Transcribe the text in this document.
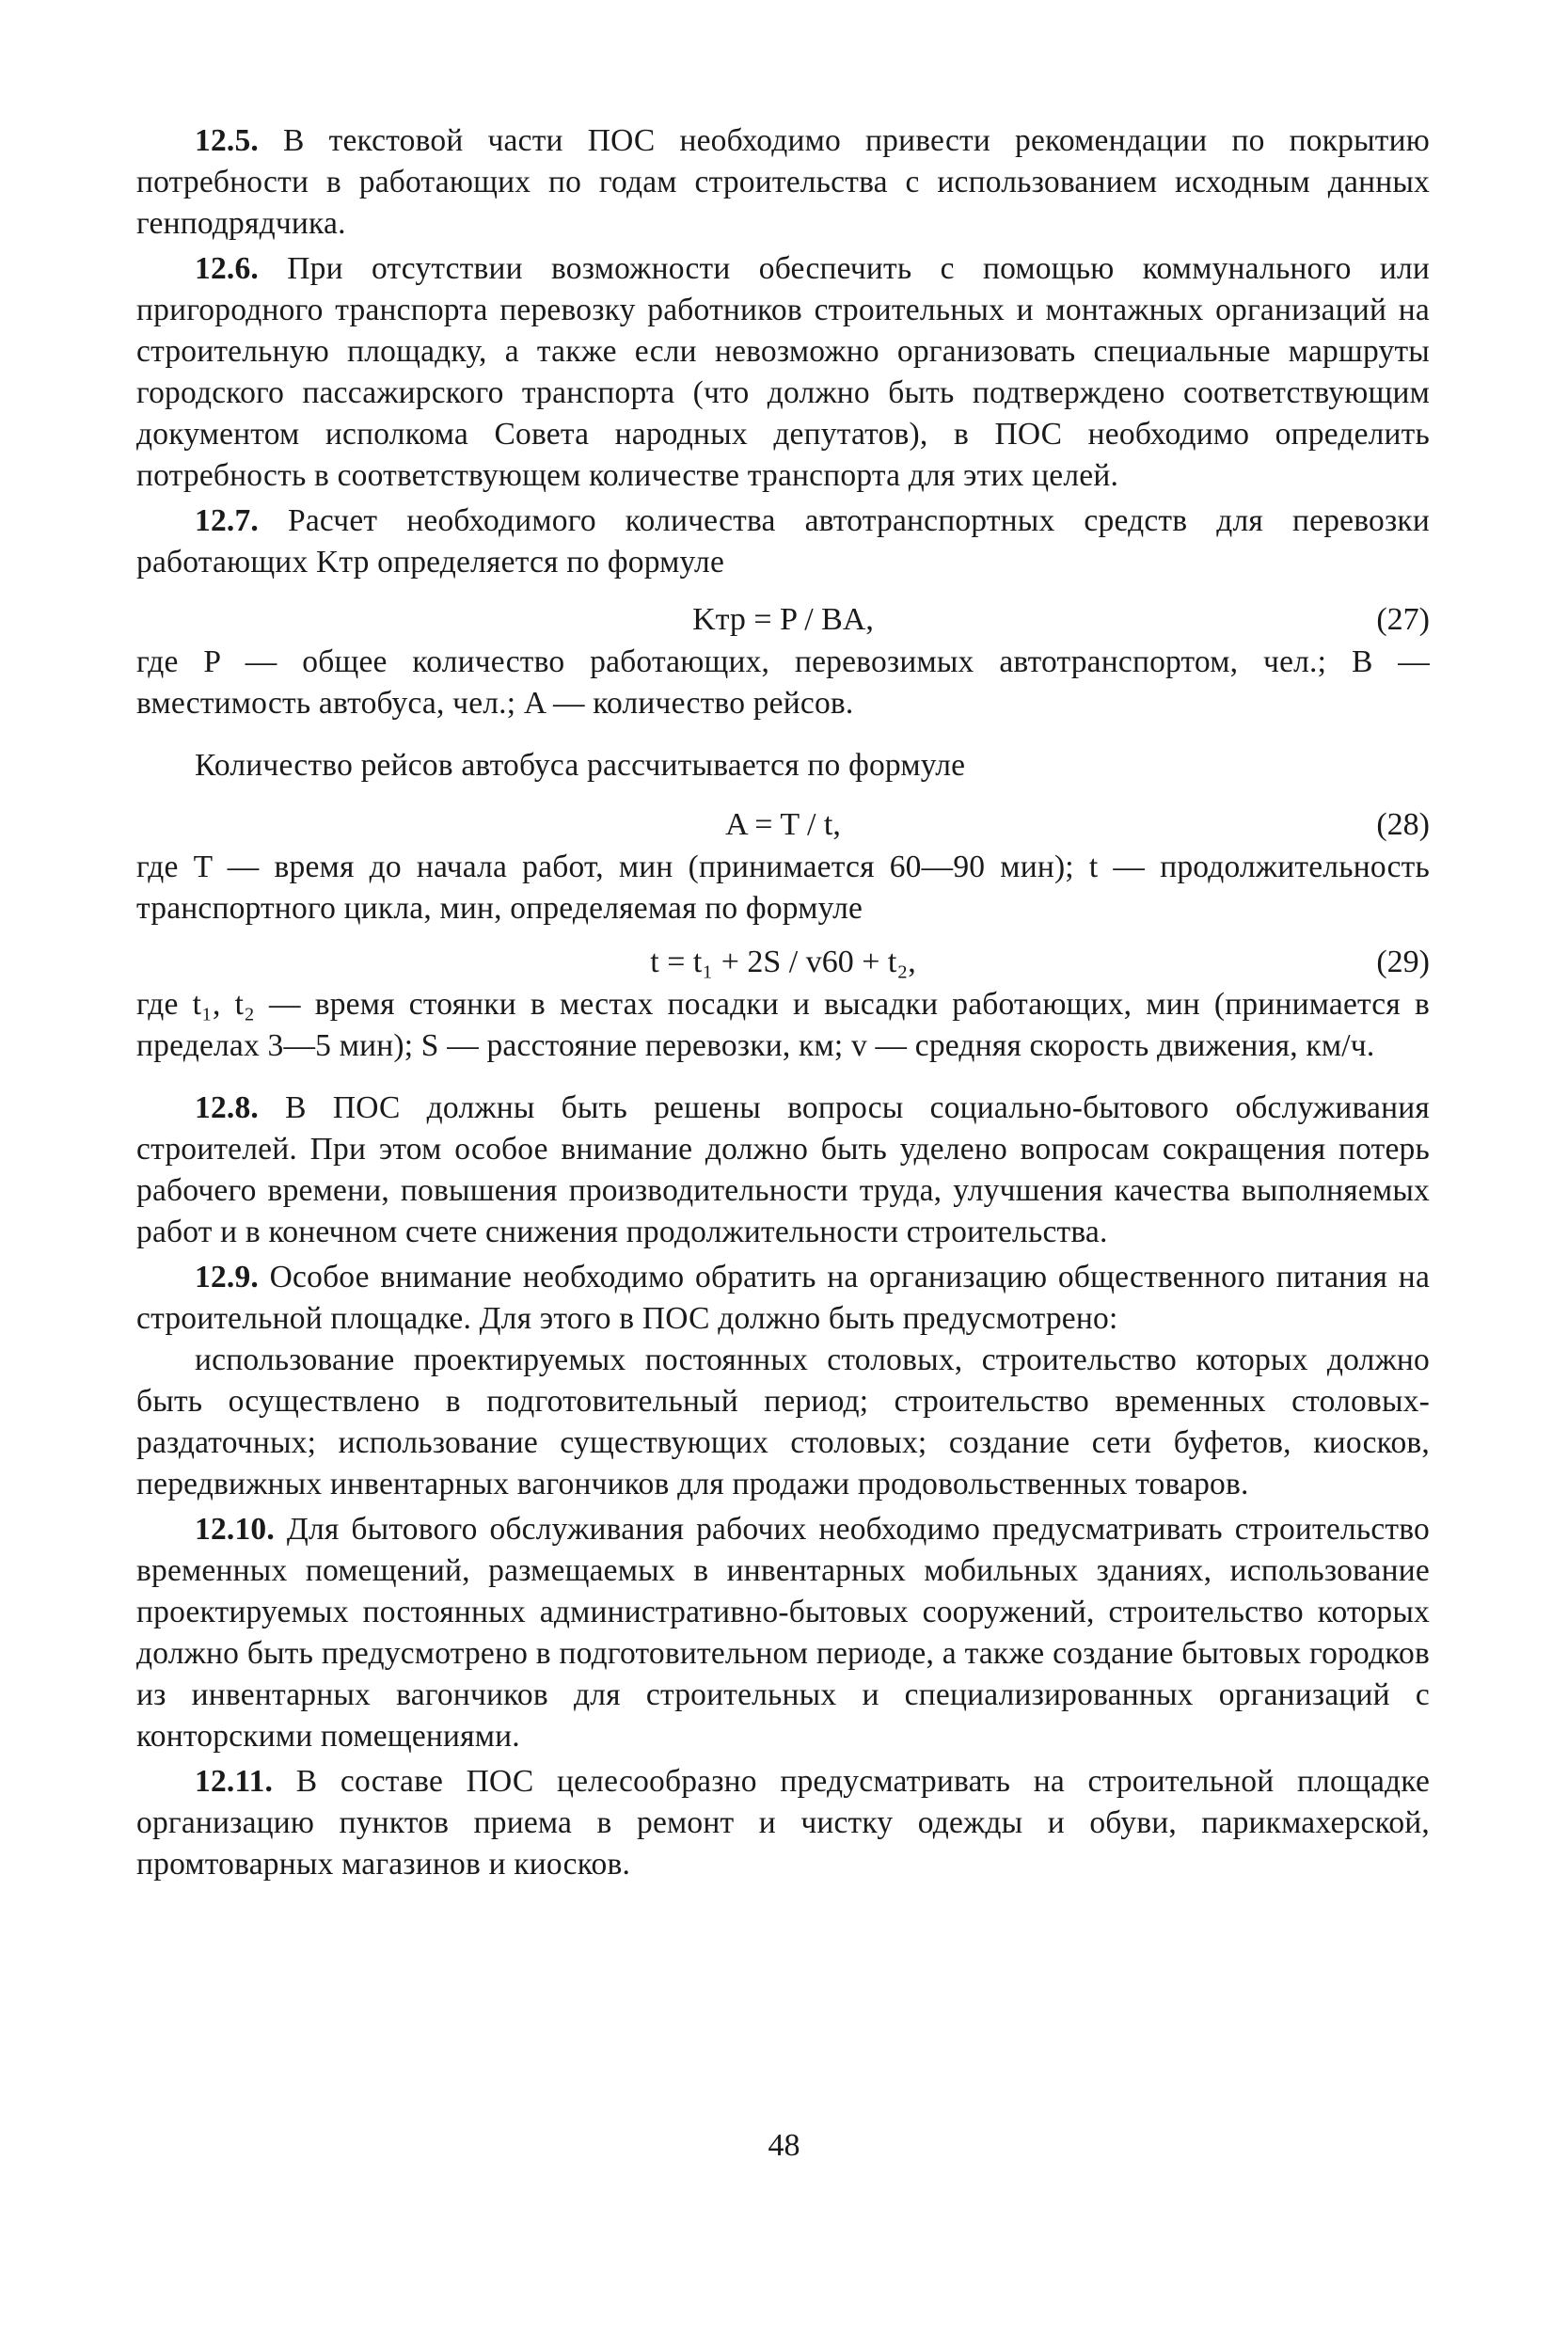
12.5. В текстовой части ПОС необходимо привести рекомендации по покрытию потребности в работающих по годам строительства с использованием исходным данных генподрядчика.

12.6. При отсутствии возможности обеспечить с помощью коммунального или пригородного транспорта перевозку работников строительных и монтажных организаций на строительную площадку, а также если невозможно организовать специальные маршруты городского пассажирского транспорта (что должно быть подтверждено соответствующим документом исполкома Совета народных депутатов), в ПОС необходимо определить потребность в соответствующем количестве транспорта для этих целей.

12.7. Расчет необходимого количества автотранспортных средств для перевозки работающих Kтр определяется по формуле

Kтр = P / BA,	(27)

где P — общее количество работающих, перевозимых автотранспортом, чел.; B — вместимость автобуса, чел.; A — количество рейсов.

Количество рейсов автобуса рассчитывается по формуле

A = T / t,	(28)

где T — время до начала работ, мин (принимается 60—90 мин); t — продолжительность транспортного цикла, мин, определяемая по формуле

t = t₁ + 2S / v60 + t₂,	(29)

где t₁, t₂ — время стоянки в местах посадки и высадки работающих, мин (принимается в пределах 3—5 мин); S — расстояние перевозки, км; v — средняя скорость движения, км/ч.

12.8. В ПОС должны быть решены вопросы социально-бытового обслуживания строителей. При этом особое внимание должно быть уделено вопросам сокращения потерь рабочего времени, повышения производительности труда, улучшения качества выполняемых работ и в конечном счете снижения продолжительности строительства.

12.9. Особое внимание необходимо обратить на организацию общественного питания на строительной площадке. Для этого в ПОС должно быть предусмотрено:

использование проектируемых постоянных столовых, строительство которых должно быть осуществлено в подготовительный период; строительство временных столовых-раздаточных; использование существующих столовых; создание сети буфетов, киосков, передвижных инвентарных вагончиков для продажи продовольственных товаров.

12.10. Для бытового обслуживания рабочих необходимо предусматривать строительство временных помещений, размещаемых в инвентарных мобильных зданиях, использование проектируемых постоянных административно-бытовых сооружений, строительство которых должно быть предусмотрено в подготовительном периоде, а также создание бытовых городков из инвентарных вагончиков для строительных и специализированных организаций с конторскими помещениями.

12.11. В составе ПОС целесообразно предусматривать на строительной площадке организацию пунктов приема в ремонт и чистку одежды и обуви, парикмахерской, промтоварных магазинов и киосков.

48
